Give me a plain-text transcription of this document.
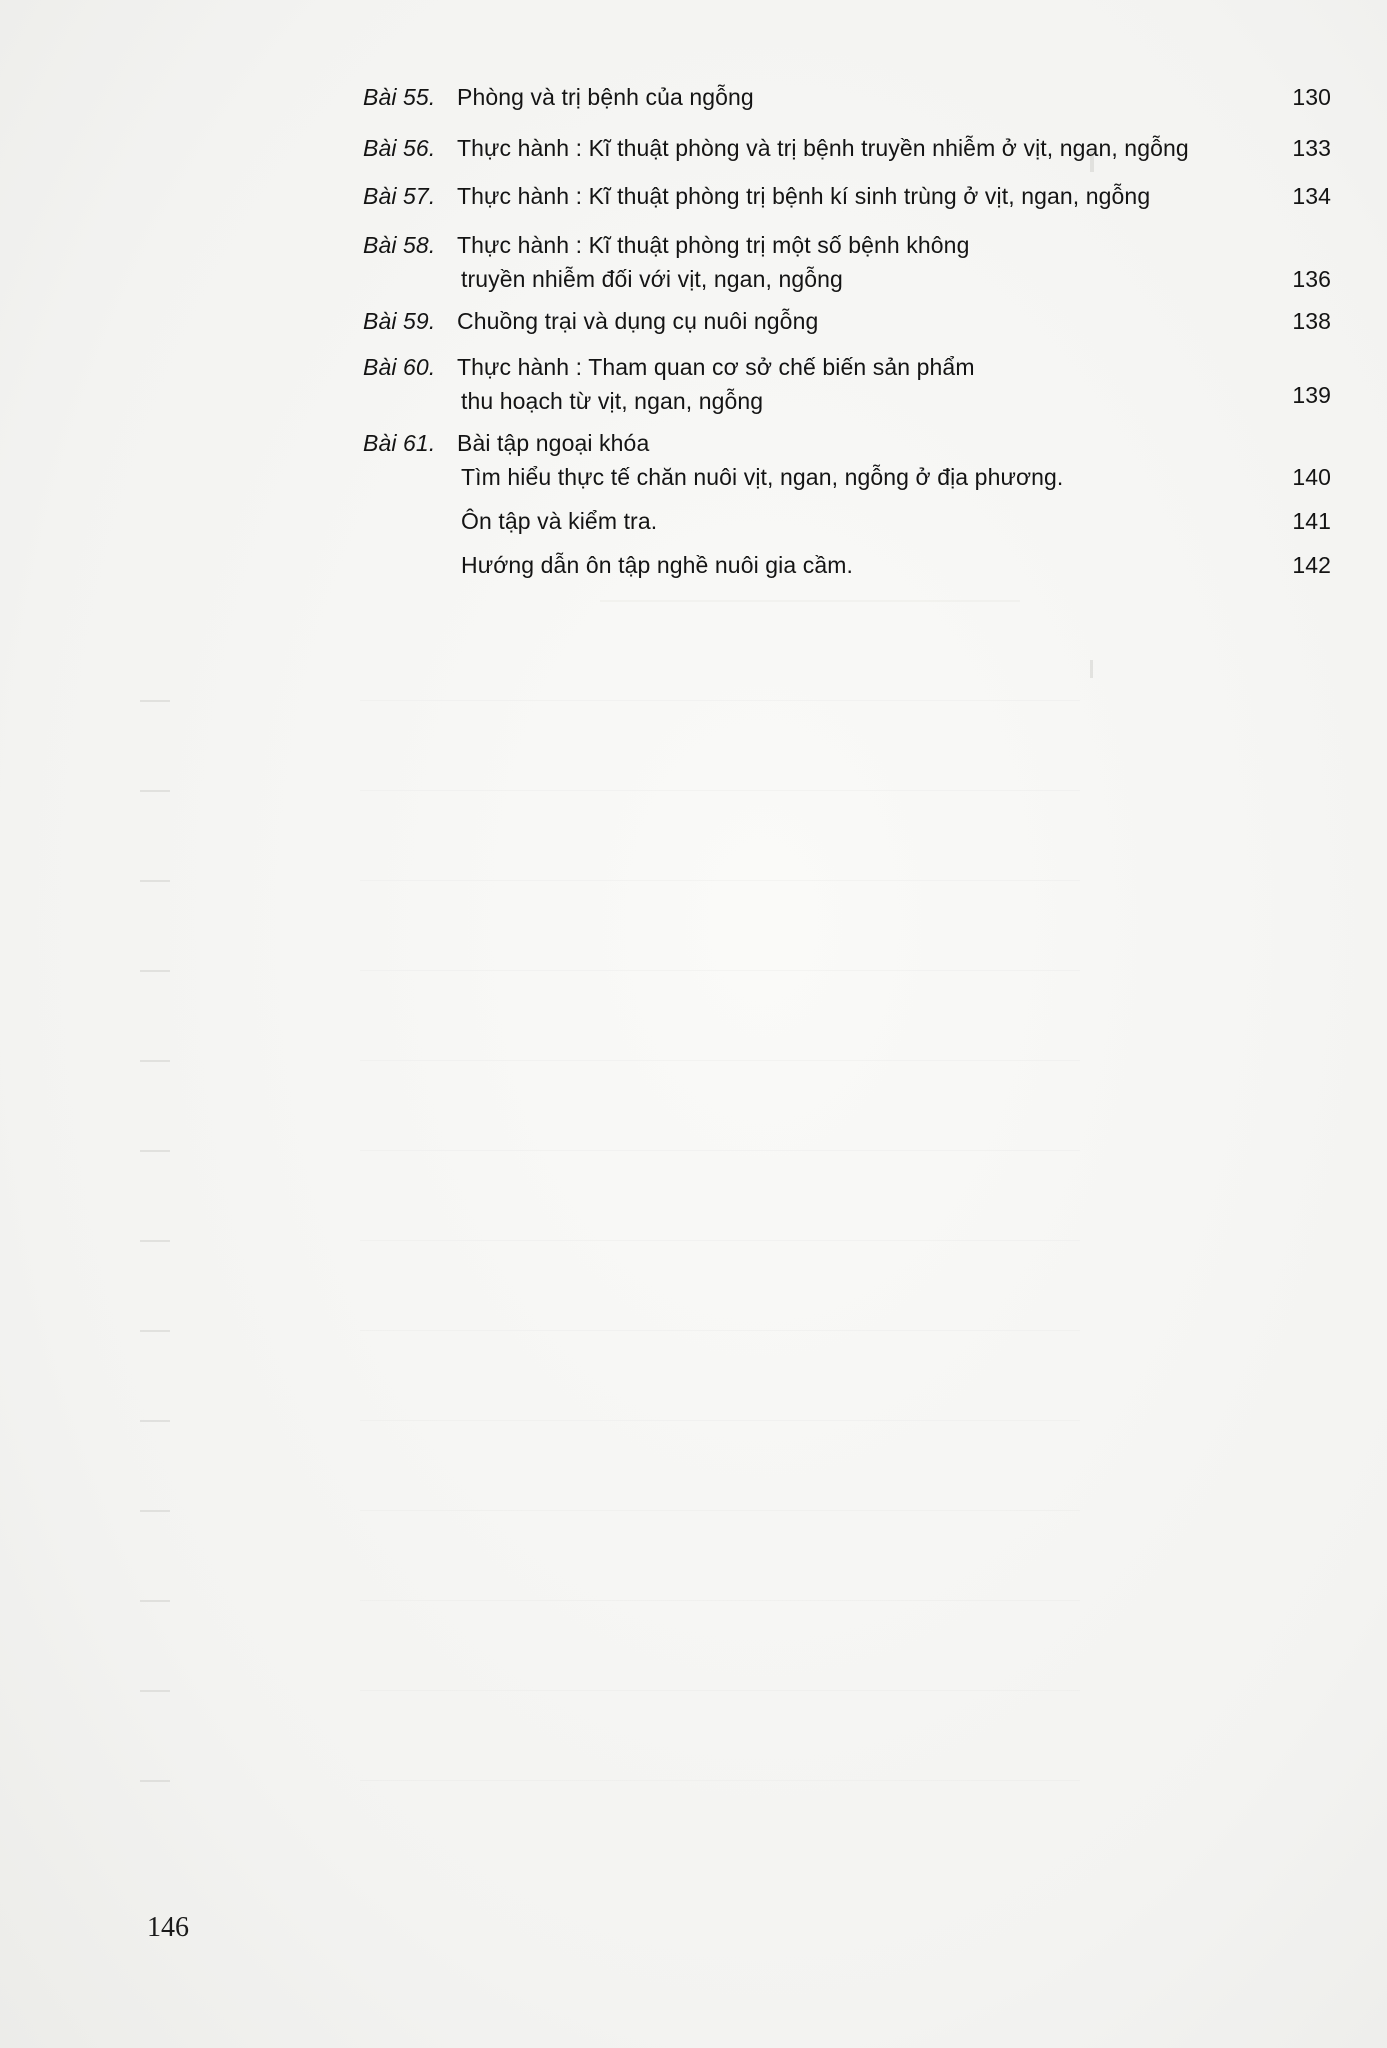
Bài 55. Phòng và trị bệnh của ngỗng	130
Bài 56. Thực hành : Kĩ thuật phòng và trị bệnh truyền nhiễm ở vịt, ngan, ngỗng	133
Bài 57. Thực hành : Kĩ thuật phòng trị bệnh kí sinh trùng ở vịt, ngan, ngỗng	134
Bài 58. Thực hành : Kĩ thuật phòng trị một số bệnh không
truyền nhiễm đối với vịt, ngan, ngỗng	136
Bài 59. Chuồng trại và dụng cụ nuôi ngỗng	138
Bài 60. Thực hành : Tham quan cơ sở chế biến sản phẩm
thu hoạch từ vịt, ngan, ngỗng	139
Bài 61. Bài tập ngoại khóa
Tìm hiểu thực tế chăn nuôi vịt, ngan, ngỗng ở địa phương.	140
Ôn tập và kiểm tra.	141
Hướng dẫn ôn tập nghề nuôi gia cầm.	142
146
